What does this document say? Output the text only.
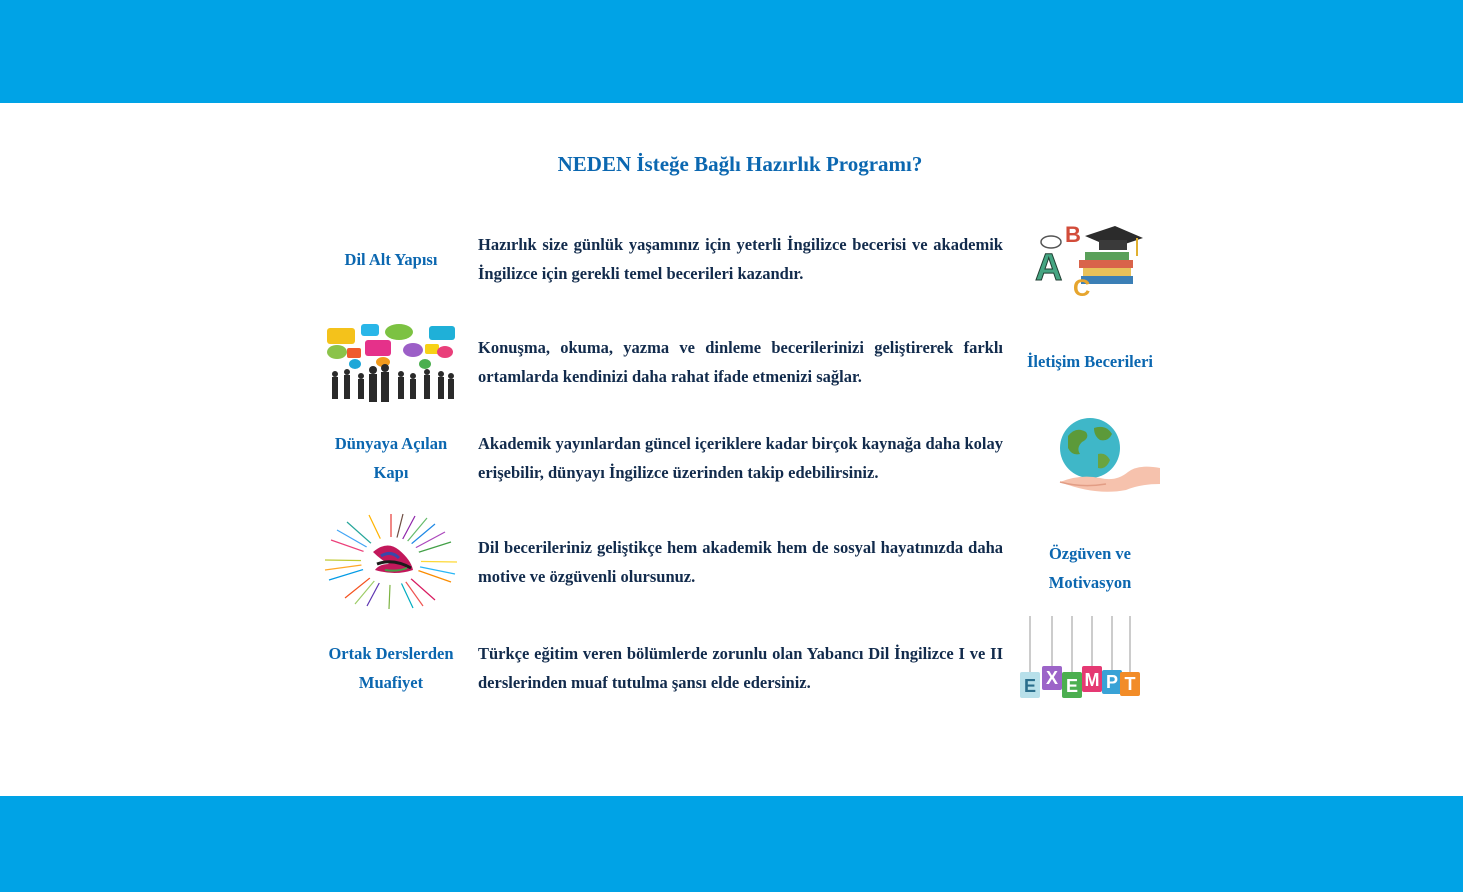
NEDEN İsteğe Bağlı Hazırlık Programı?
Dil Alt Yapısı

Hazırlık size günlük yaşamınız için yeterli İngilizce becerisi ve akademik İngilizce için gerekli temel becerileri kazandır.	A
B
C

Konuşma, okuma, yazma ve dinleme becerilerinizi geliştirerek farklı ortamlarda kendinizi daha rahat ifade etmenizi sağlar.

İletişim Becerileri
Dünyaya Açılan Kapı

Akademik yayınlardan güncel içeriklere kadar birçok kaynağa daha kolay erişebilir, dünyayı İngilizce üzerinden takip edebilirsiniz.

Dil becerileriniz geliştikçe hem akademik hem de sosyal hayatınızda daha motive ve özgüvenli olursunuz.

Özgüven ve Motivasyon
Ortak Derslerden Muafiyet

Türkçe eğitim veren bölümlerde zorunlu olan Yabancı Dil İngilizce I ve II derslerinden muaf tutulma şansı elde edersiniz.	E X E M P T
